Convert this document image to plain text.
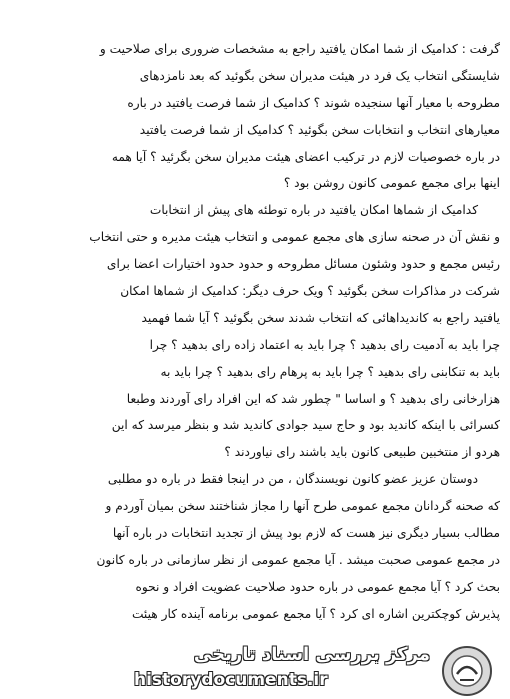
گرفت : کدامیک از شما امکان یافتید راجع به مشخصات ضروری برای صلاحیت و
شایستگی انتخاب یک فرد در هیئت مدیران سخن بگوئید که بعد نامزدهای
مطروحه با معیار آنها سنجیده شوند ؟ کدامیک از شما فرصت یافتید در باره
معیارهای انتخاب و انتخابات سخن بگوئید ؟ کدامیک از شما فرصت یافتید
در باره خصوصیات لازم در ترکیب اعضای هیئت مدیران سخن بگرئید ؟ آیا همه
اینها برای مجمع عمومی کانون روشن بود ؟
کدامیک از شماها امکان یافتید در باره توطئه های پیش از انتخابات
و نقش آن در صحنه سازی های مجمع عمومی و انتخاب هیئت مدیره و حتی انتخاب
رئیس مجمع و حدود وشئون مسائل مطروحه و حدود حدود اختیارات اعضا برای
شرکت در مذاکرات سخن بگوئید ؟ ویک حرف دیگر: کدامیک از شماها امکان
یافتید راجع به کاندیداهائی که انتخاب شدند سخن بگوئید ؟ آیا شما فهمید
چرا باید به آدمیت رای بدهید ؟ چرا باید به اعتماد زاده رای بدهید ؟ چرا
باید به تنکابنی رای بدهید ؟ چرا باید به پرهام رای بدهید ؟ چرا باید به
هزارخانی رای بدهید ؟ و اساسا " چطور شد که این افراد رای آوردند وطبعا
کسرائی با اینکه کاندید بود و حاج سید جوادی کاندید شد و بنظر میرسد که این
هردو از منتخبین طبیعی کانون باید باشند رای نیاوردند ؟
دوستان عزیز عضو کانون نویسندگان ، من در اینجا فقط در باره دو مطلبی
که صحنه گردانان مجمع عمومی طرح آنها را مجاز شناختند سخن بمیان آوردم و
مطالب بسیار دیگری نیز هست که لازم بود پیش از تجدید انتخابات در باره آنها
در مجمع عمومی صحبت میشد . آیا مجمع عمومی از نظر سازمانی در باره کانون
بحث کرد ؟ آیا مجمع عمومی در باره حدود صلاحیت عضویت افراد و نحوه
پذیرش کوچکترین اشاره ای کرد ؟ آیا مجمع عمومی برنامه آینده کار هیئت
مرکز بررسی اسناد تاریخی
historydocuments.ir
